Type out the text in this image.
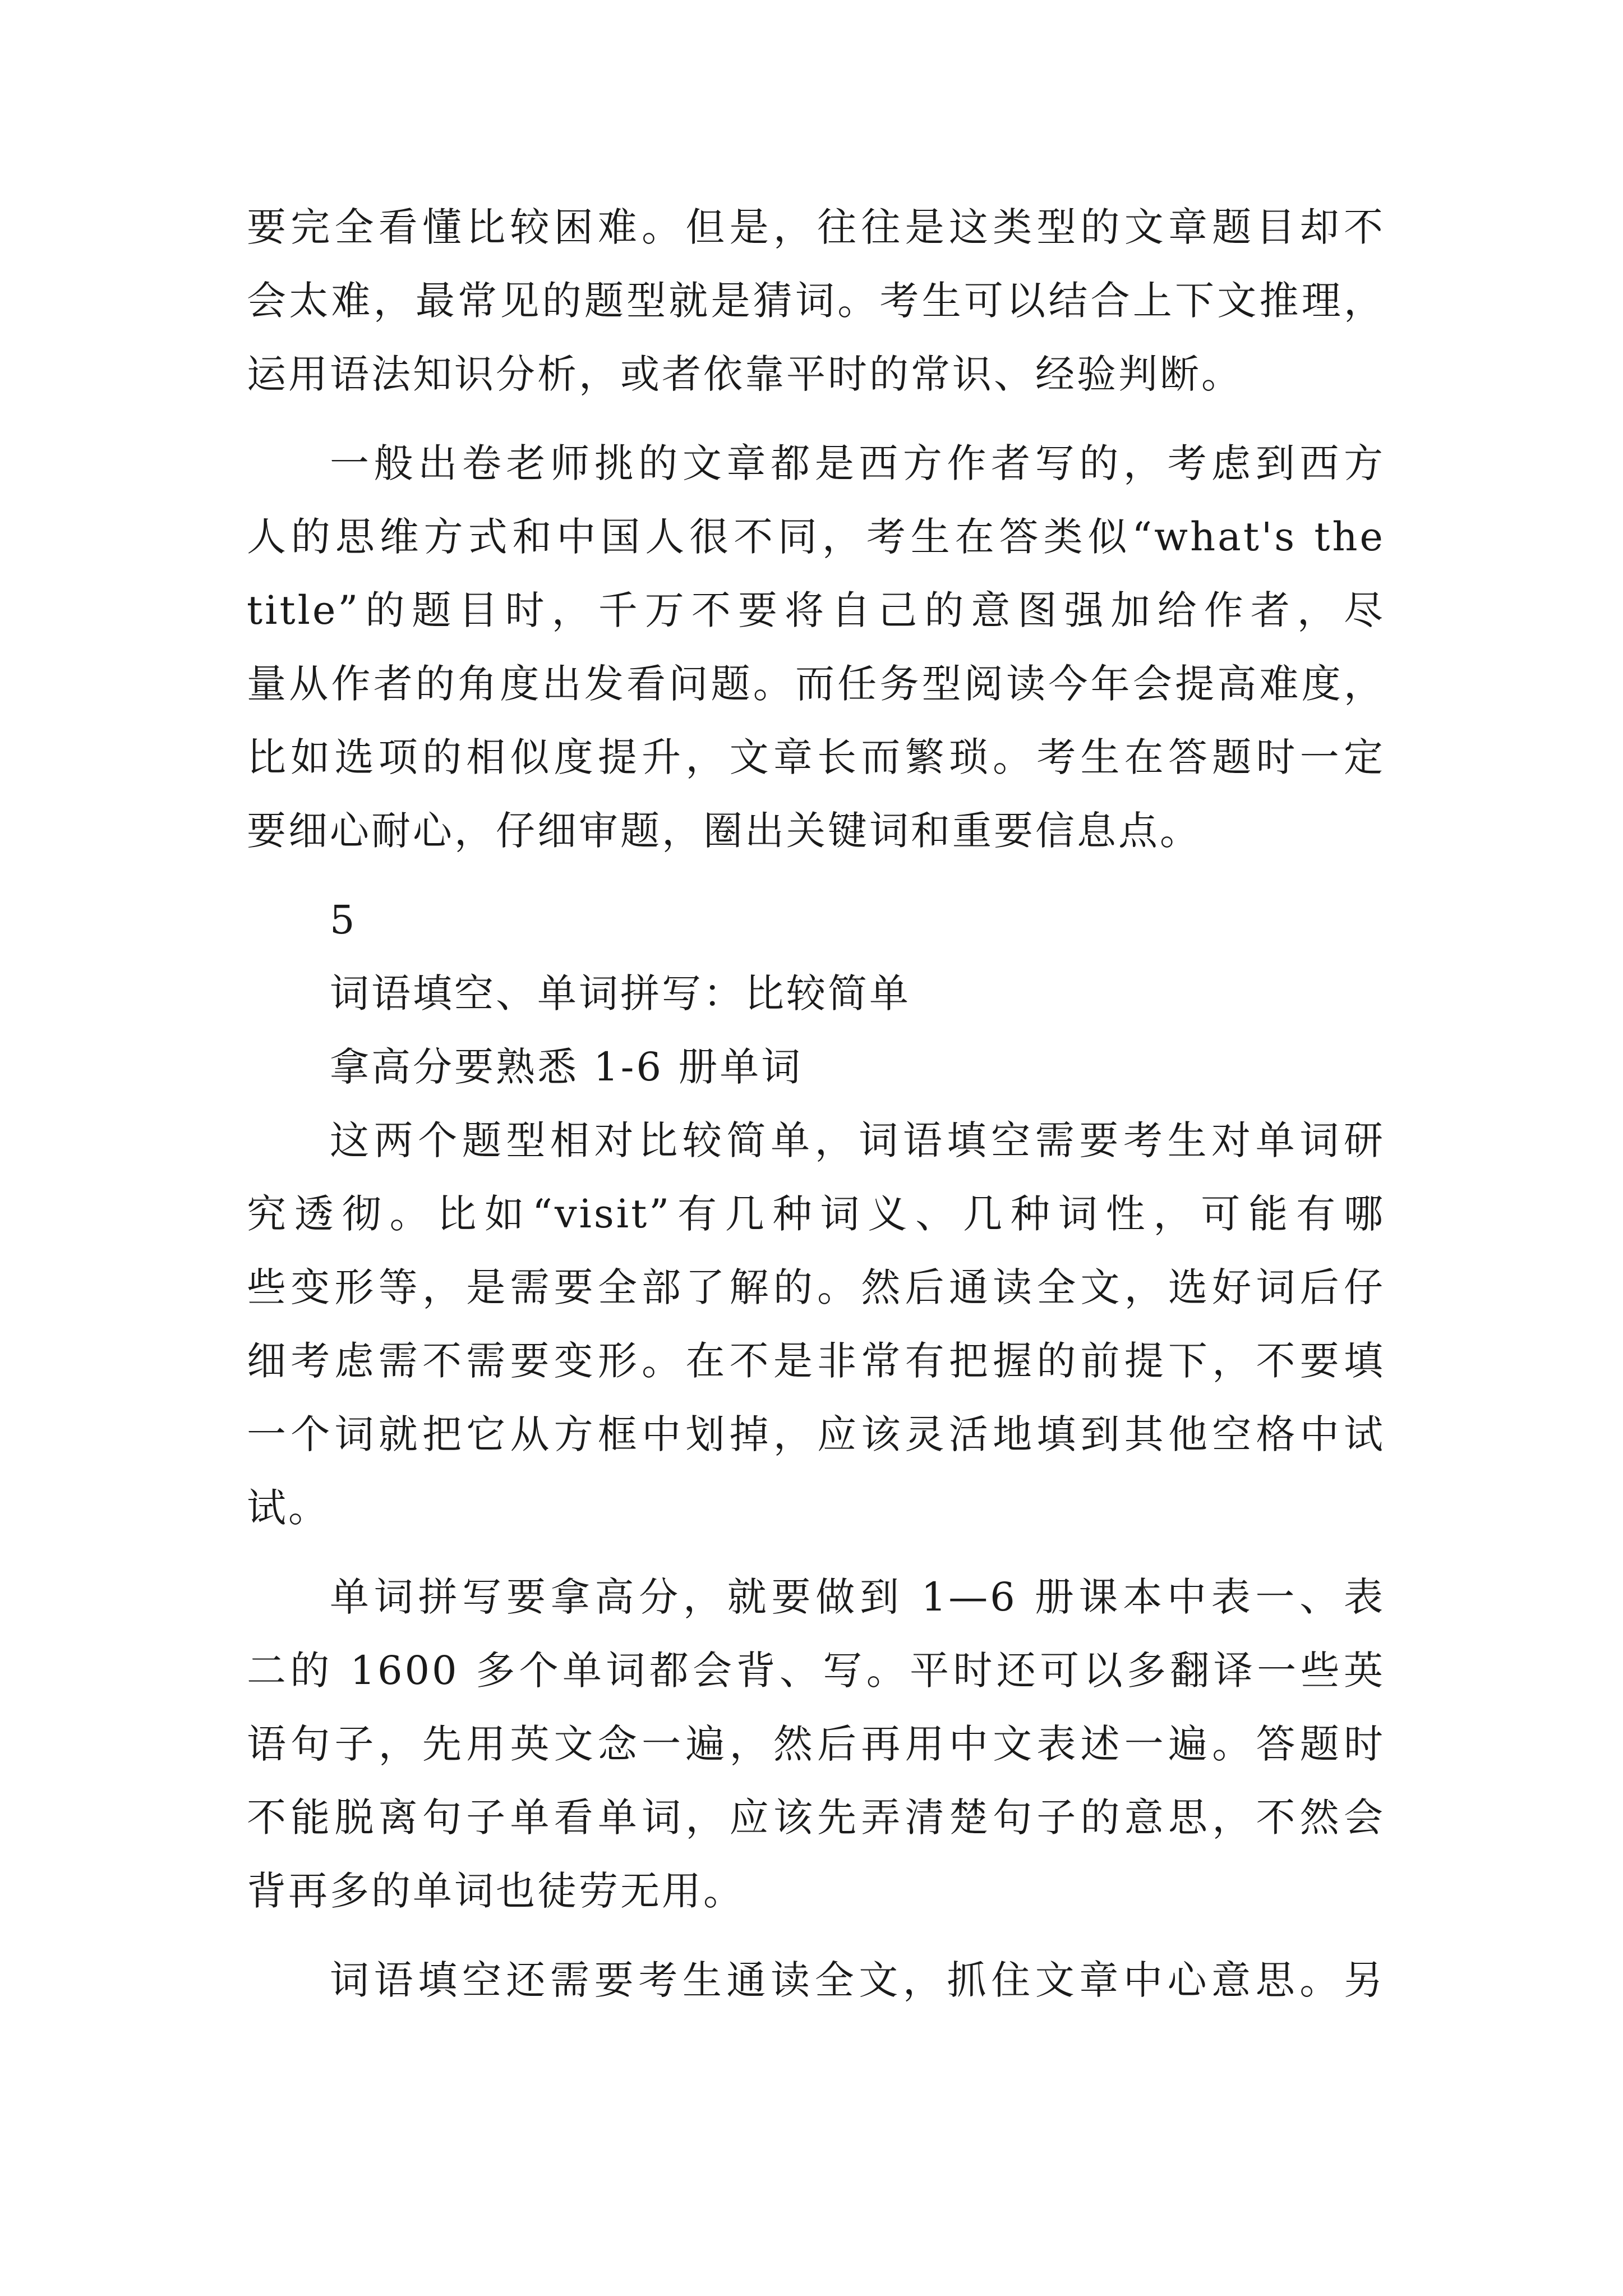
要完全看懂比较困难。但是，往往是这类型的文章题目却不
会太难，最常见的题型就是猜词。考生可以结合上下文推理，
运用语法知识分析，或者依靠平时的常识、经验判断。
一般出卷老师挑的文章都是西方作者写的，考虑到西方
人的思维方式和中国人很不同，考生在答类似“what's the
title”的题目时，千万不要将自己的意图强加给作者，尽
量从作者的角度出发看问题。而任务型阅读今年会提高难度，
比如选项的相似度提升，文章长而繁琐。考生在答题时一定
要细心耐心，仔细审题，圈出关键词和重要信息点。
5
词语填空、单词拼写：比较简单
拿高分要熟悉 1-6 册单词
这两个题型相对比较简单，词语填空需要考生对单词研
究透彻。比如“visit”有几种词义、几种词性，可能有哪
些变形等，是需要全部了解的。然后通读全文，选好词后仔
细考虑需不需要变形。在不是非常有把握的前提下，不要填
一个词就把它从方框中划掉，应该灵活地填到其他空格中试
试。
单词拼写要拿高分，就要做到 1—6 册课本中表一、表
二的 1600 多个单词都会背、写。平时还可以多翻译一些英
语句子，先用英文念一遍，然后再用中文表述一遍。答题时
不能脱离句子单看单词，应该先弄清楚句子的意思，不然会
背再多的单词也徒劳无用。
词语填空还需要考生通读全文，抓住文章中心意思。另
